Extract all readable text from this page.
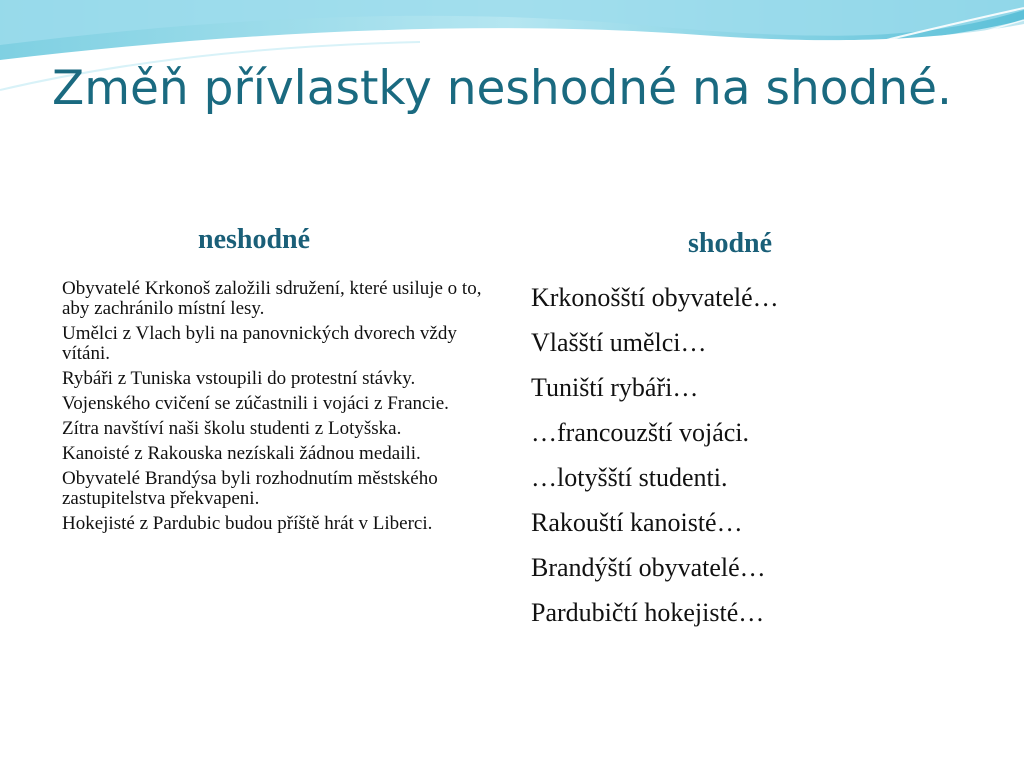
Změň přívlastky neshodné na shodné.
neshodné	shodné
Obyvatelé Krkonoš založili sdružení, které usiluje o to, aby zachránilo místní lesy.
Umělci z Vlach byli na panovnických dvorech vždy vítáni.
Rybáři z Tuniska vstoupili do protestní stávky.
Vojenského cvičení se zúčastnili i vojáci z Francie.
Zítra navštíví naši školu studenti z Lotyšska.
Kanoisté z Rakouska nezískali žádnou medaili.
Obyvatelé Brandýsa byli rozhodnutím městského zastupitelstva překvapeni.
Hokejisté z Pardubic budou příště hrát v Liberci.
Krkonošští obyvatelé…
Vlašští umělci…
Tuniští rybáři…
…francouzští vojáci.
…lotyšští studenti.
Rakouští kanoisté…
Brandýští obyvatelé…
Pardubičtí hokejisté…
